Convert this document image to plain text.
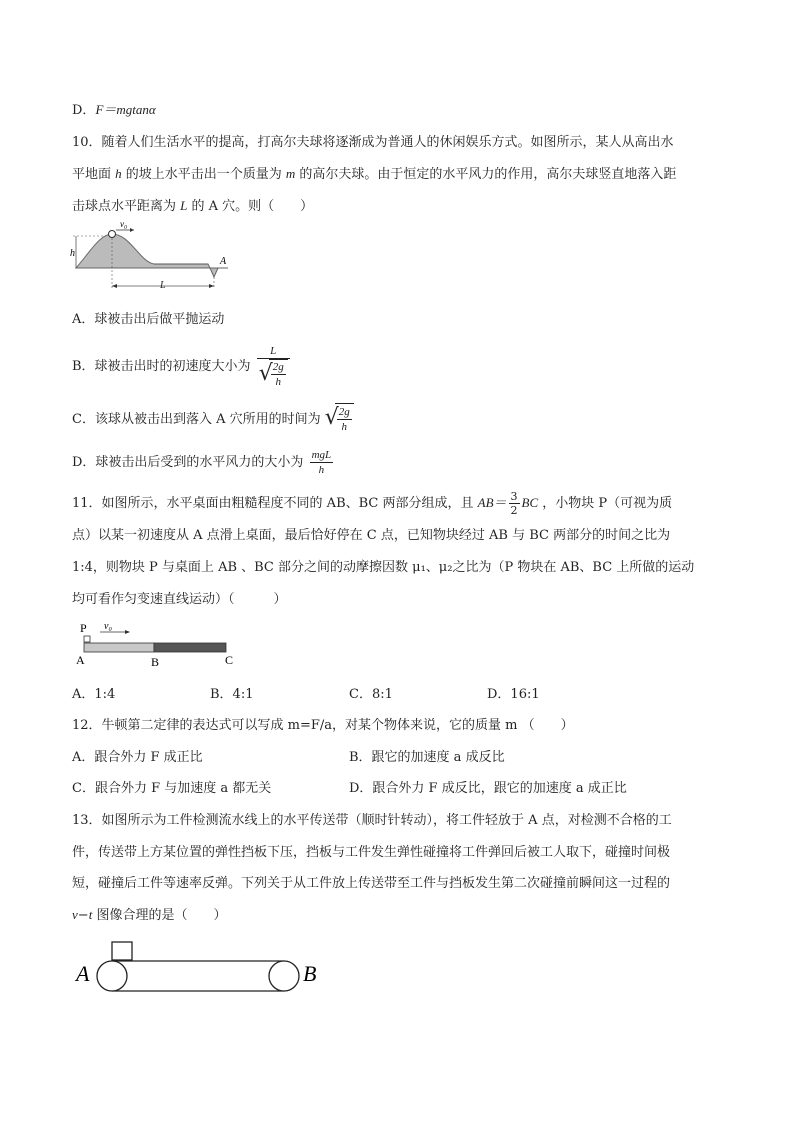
D．F＝mgtanα
10．随着人们生活水平的提高，打高尔夫球将逐渐成为普通人的休闲娱乐方式。如图所示，某人从高出水
平地面 h 的坡上水平击出一个质量为 m 的高尔夫球。由于恒定的水平风力的作用，高尔夫球竖直地落入距
击球点水平距离为 L 的 A 穴。则（　　）
h
v₀
A
L
A．球被击出后做平抛运动
B．球被击出时的初速度大小为 L
√ $\frac{2g}{h}$
C．该球从被击出到落入 A 穴所用的时间为
√ $\frac{2g}{h}$
D．球被击出后受到的水平风力的大小为 $\frac{\text{mgL}}{h}$
11．如图所示，水平桌面由粗糙程度不同的 AB、BC 两部分组成，且 $AB= \frac{3}{2}$ BC ，小物块 P（可视为质
点）以某一初速度从 A 点滑上桌面，最后恰好停在 C 点，已知物块经过 AB 与 BC 两部分的时间之比为
1:4，则物块 P 与桌面上 AB 、BC 部分之间的动摩擦因数 μ₁、μ₂之比为（P 物块在 AB、BC 上所做的运动
均可看作匀变速直线运动）（　　　）
P v₀
A	B	C
A．1:4	B．4:1	C．8:1	D．16:1
12．牛顿第二定律的表达式可以写成 m=F/a，对某个物体来说，它的质量 m （　　）
A．跟合外力 F 成正比	B．跟它的加速度 a 成反比
C．跟合外力 F 与加速度 a 都无关	D．跟合外力 F 成反比，跟它的加速度 a 成正比
13．如图所示为工件检测流水线上的水平传送带（顺时针转动），将工件轻放于 A 点，对检测不合格的工
件，传送带上方某位置的弹性挡板下压，挡板与工件发生弹性碰撞将工件弹回后被工人取下，碰撞时间极
短，碰撞后工件等速率反弹。下列关于从工件放上传送带至工件与挡板发生第二次碰撞前瞬间这一过程的
v−t 图像合理的是（　　）
A	B
